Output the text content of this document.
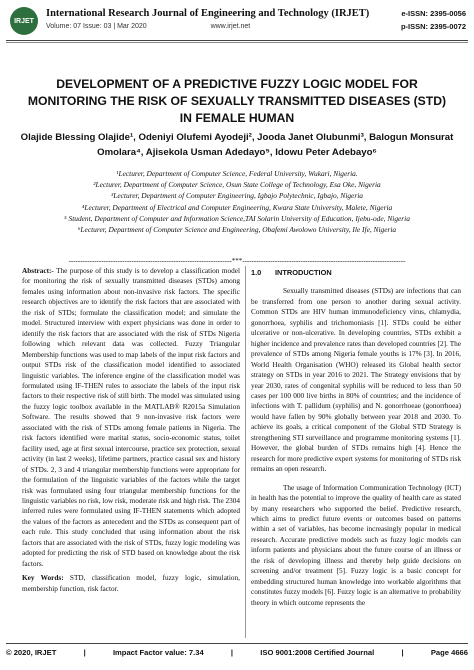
IRJET
International Research Journal of Engineering and Technology (IRJET)
Volume: 07 Issue: 03 | Mar 2020	www.irjet.net
e-ISSN: 2395-0056
p-ISSN: 2395-0072
DEVELOPMENT OF A PREDICTIVE FUZZY LOGIC MODEL FOR
MONITORING THE RISK OF SEXUALLY TRANSMITTED DISEASES (STD)
IN FEMALE HUMAN
Olajide Blessing Olajide¹, Odeniyi Olufemi Ayodeji², Jooda Janet Olubunmi³, Balogun Monsurat
Omolara⁴, Ajisekola Usman Adedayo⁵, Idowu Peter Adebayo⁶
¹Lecturer, Department of Computer Science, Federal University, Wukari, Nigeria.
²Lecturer, Department of Computer Science, Osun State College of Technology, Esa Oke, Nigeria
³Lecturer, Department of Computer Engineering, Igbajo Polytechnic, Igbajo, Nigeria
⁴Lecturer, Department of Electrical and Computer Engineering, Kwara State University, Malete, Nigeria
⁵ Student, Department of Computer and Information Science,TAI Solarin University of Education, Ijebu-ode, Nigeria
⁶Lecturer, Department of Computer Science and Engineering, Obafemi Awolowo University, Ile Ife, Nigeria
----------------------------------------------------------------------***----------------------------------------------------------------------

Abstract:- The purpose of this study is to develop a classification model for monitoring the risk of sexually transmitted diseases (STDs) among females using information about non-invasive risk factors. The specific research objectives are to identify the risk factors that are associated with the risk of STDs; formulate the classification model; and simulate the model. Structured interview with expert physicians was done in order to identify the risk factors that are associated with the risk of STDs Nigeria following which relevant data was collected. Fuzzy Triangular Membership functions was used to map labels of the input risk factors and output STDs risk of the classification model identified to associated linguistic variables. The inference engine of the classification model was formulated using IF-THEN rules to associate the labels of the input risk factors to their respective risk of still birth. The model was simulated using the fuzzy logic toolbox available in the MATLAB® R2015a Simulation Software. The results showed that 9 non-invasive risk factors were associated with the risk of STDs among female patients in Nigeria. The risk factors identified were marital status, socio-economic status, toilet facility used, age at first sexual intercourse, practice sex protection, sexual activity (in last 2 weeks), lifetime partners, practice casual sex and history of STDs. 2, 3 and 4 triangular membership functions were appropriate for the formulation of the linguistic variables of the factors while the target risk was formulated using four triangular membership functions for the linguistic variables no risk, low risk, moderate risk and high risk. The 2304 inferred rules were formulated using IF-THEN statements which adopted the values of the factors as antecedent and the STDs as consequent part of each rule. This study concluded that using information about the risk factors that are associated with the risk of STDs, fuzzy logic modeling was adopted for predicting the risk of STD based on knowledge about the risk factors.

Key Words: STD, classification model, fuzzy logic, simulation, membership function, risk factor.

1.0	INTRODUCTION

Sexually transmitted diseases (STDs) are infections that can be transferred from one person to another during sexual activity. Common STDs are HIV human immunodeficiency virus, chlamydia, gonorrhoea, syphilis and trichomoniasis [1]. STDs could be either ulcerative or non-ulcerative. In developing countries, STDs exhibit a higher incidence and prevalence rates than developed countries [2]. The prevalence of STDs among Nigeria female youths is 17% [3]. In 2016, World Health Organisation (WHO) released its Global health sector strategy on STDs in year 2016 to 2021. The Strategy envisions that by year 2030, rates of congenital syphilis will be reduced to less than 50 cases per 100 000 live births in 80% of countries; and the incidence of infections with T. pallidum (syphilis) and N. gonorrhoeae (gonorrhoea) would have fallen by 90% globally between year 2018 and 2030. To achieve its goals, a critical component of the Global STD Strategy is strengthening STI surveillance and programme monitoring systems [1]. However, the global burden of STDs remains high [4]. Hence the research for more predictive expert systems for monitoring of STDs risk remains an open research.

The usage of Information Communication Technology (ICT) in health has the potential to improve the quality of health care as stated by many researchers who supported the belief. Predictive research, which aims to predict future events or outcomes based on patterns within a set of variables, has become increasingly popular in medical research. Accurate predictive models such as fuzzy logic models can inform patients and physicians about the future course of an illness or the risk of developing illness and thereby help guide decisions on screening and/or treatment [5]. Fuzzy logic is a basic concept for embedding structured human knowledge into workable algorithms that constitutes fuzzy models [6]. Fuzzy logic is an alternative to probability theory in which outcome represents the

© 2020, IRJET	|	Impact Factor value: 7.34	|	ISO 9001:2008 Certified Journal	|	Page 4666
